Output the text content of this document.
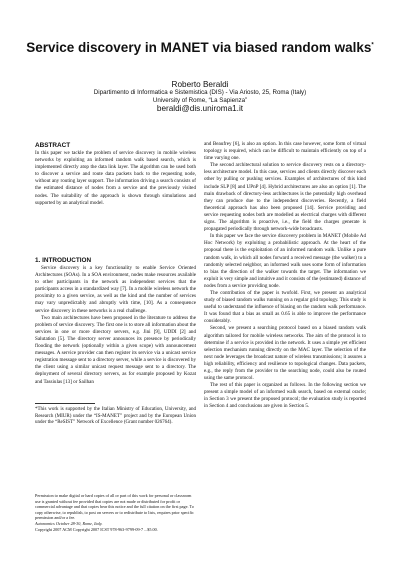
Service discovery in MANET via biased random walks*
Roberto Beraldi
Dipartimento di Informatica e Sistemistica (DIS) - Via Ariosto, 25, Roma (Italy)
University of Rome, “La Sapienza”
beraldi@dis.uniroma1.it
ABSTRACT
In this paper we tackle the problem of service discovery in mobile wireless networks by exploiting an informed random walk based search, which is implemented directly atop the data link layer. The algorithm can be used both to discover a service and route data packets back to the requesting node, without any routing layer support. The information driving a search consists of the estimated distance of nodes from a service and the previously visited nodes. The suitability of the approach is shown through simulations and supported by an analytical model.
1. INTRODUCTION

Service discovery is a key functionality to enable Service Oriented Architectures (SOAs). In a SOA environment, nodes make resources available to other participants in the network as independent services that the participants access in a standardized way [7]. In a mobile wireless network the proximity to a given service, as well as the kind and the number of services may vary unpredictably and abruptly with time, [10]. As a consequence service discovery in these networks is a real challenge.

Two main architectures have been proposed in the literature to address the problem of service discovery. The first one is to store all information about the services in one or more directory servers, e.g. Jini [9], UDDI [2] and Salutation [5]. The directory server announces its presence by periodically flooding the network (optionally within a given scope) with announcement messages. A service provider can then register its service via a unicast service registration message sent to a directory server, while a service is discovered by the client using a similar unicast request message sent to a directory. The deployment of several directory servers, as for example proposed by Kozat and Tassiulas [13] or Sailhan

*This work is supported by the Italian Ministry of Education, University, and Research (MIUR) under the “IS-MANET” project and by the European Union under the “ReSIST” Network of Excellence (Grant number 026764).

Permission to make digital or hard copies of all or part of this work for personal or classroom use is granted without fee provided that copies are not made or distributed for profit or commercial advantage and that copies bear this notice and the full citation on the first page. To copy otherwise, to republish, to post on servers or to redistribute to lists, requires prior specific permission and/or a fee.

Autonomics October 28-30, Rome, Italy.

Copyright 2007 ACM Copyright 2007 ICST 978-963-9799-09-7 ...$5.00.

and Beaufrey [6], is also an option. In this case however, some form of virtual topology is required, which can be difficult to maintain efficiently on top of a time varying one.

The second architectural solution to service discovery rests on a directory-less architecture model. In this case, services and clients directly discover each other by pulling or pushing services. Examples of architectures of this kind include SLP [8] and UPnP [4]. Hybrid architectures are also an option [1]. The main drawback of directory-less architectures is the potentially high overhead they can produce due to the independent discoveries. Recently, a field theoretical approach has also been proposed [14]. Service providing and service requesting nodes both are modelled as electrical charges with different signs. The algorithm is proactive, i.e., the field the charges generate is propagated periodically through network-wide broadcasts.

In this paper we face the service discovery problem in MANET (Mobile Ad Hoc Network) by exploiting a probabilistic approach. At the heart of the proposal there is the exploitation of an informed random walk. Unlike a pure random walk, in which all nodes forward a received message (the walker) to a randomly selected neighbor, an informed walk uses some form of information to bias the direction of the walker towards the target. The information we exploit is very simple and intuitive and it consists of the (estimated) distance of nodes from a service providing node.

The contribution of the paper is twofold. First, we present an analytical study of biased random walks running on a regular grid topology. This study is useful to understand the influence of biasing on the random walk performance. It was found that a bias as small as 0.65 is able to improve the performance considerably.

Second, we present a searching protocol based on a biased random walk algorithm tailored for mobile wireless networks. The aim of the protocol is to determine if a service is provided in the network. It uses a simple yet efficient selection mechanism running directly on the MAC layer. The selection of the next node leverages the broadcast nature of wireless transmissions; it assures a high reliability, efficiency and resilience to topological changes. Data packets, e.g., the reply from the provider to the searching node, could also be routed using the same protocol.

The rest of this paper is organized as follows. In the following section we present a simple model of an informed walk search, based on external oracle; in Section 3 we present the proposed protocol; the evaluation study is reported in Section 4 and conclusions are given in Section 5.
